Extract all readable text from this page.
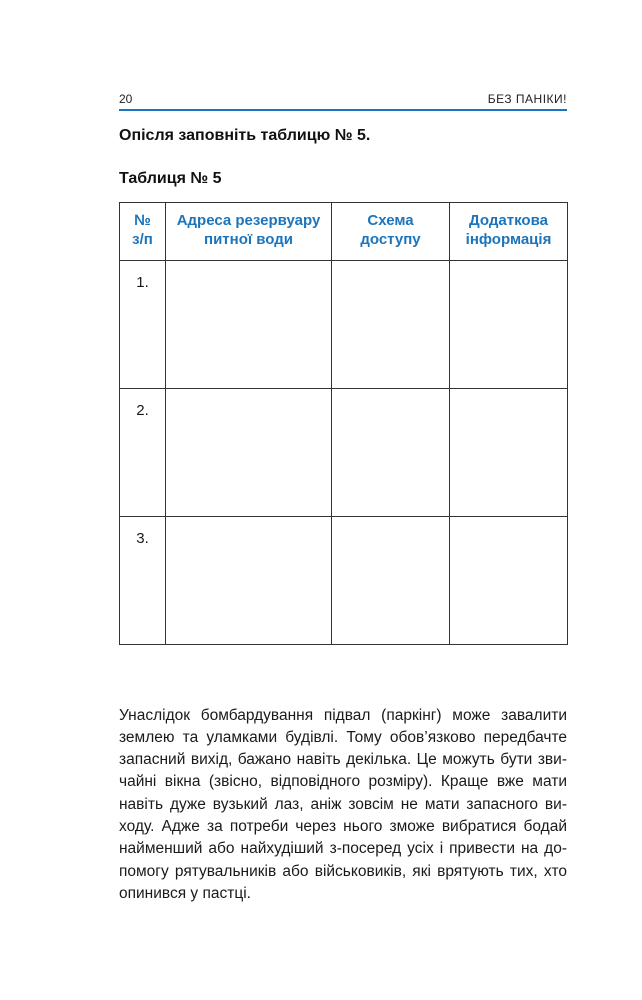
20	БЕЗ ПАНІКИ!
Опісля заповніть таблицю № 5.
Таблиця № 5
№ з/п	Адреса резервуару питної води	Схема доступу	Додаткова інформація
1.			
2.			
3.			

Унаслідок бомбардування підвал (паркінг) може завалити землею та уламками будівлі. Тому обов’язково передбачте запасний вихід, бажано навіть декілька. Це можуть бути звичайні вікна (звісно, відповідного розміру). Краще вже мати навіть дуже вузький лаз, аніж зовсім не мати запасного виходу. Адже за потреби через нього зможе вибратися бодай найменший або найхудіший з-посеред усіх і привести на допомогу рятувальників або військовиків, які врятують тих, хто опинився у пастці.
